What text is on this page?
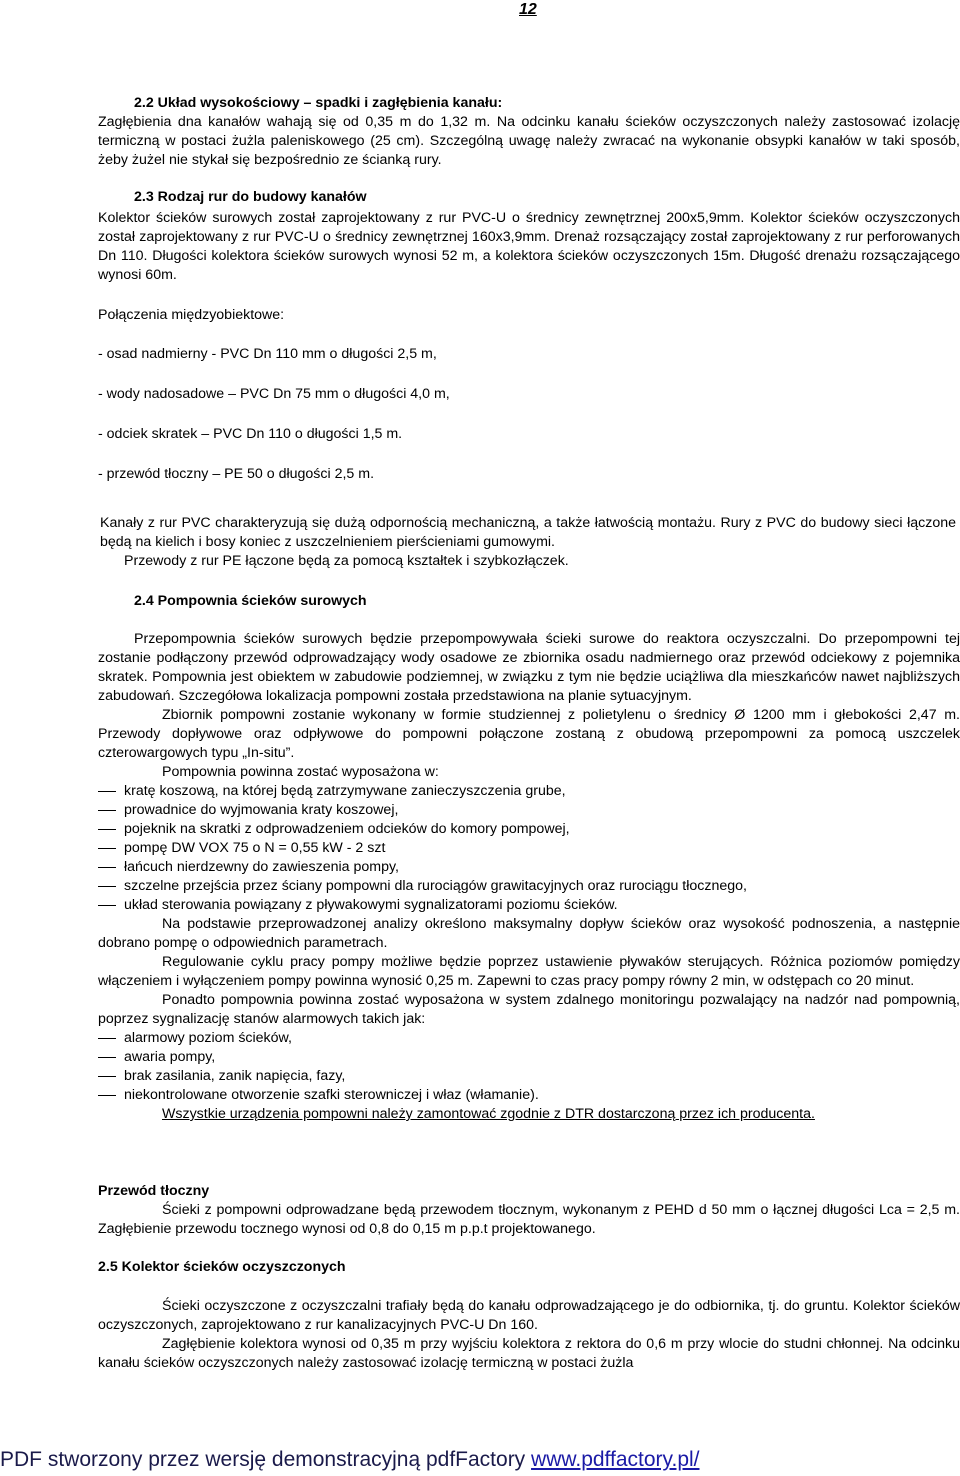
12

2.2 Układ wysokościowy – spadki i zagłębienia kanału:

Zagłębienia dna kanałów wahają się od 0,35 m do 1,32 m. Na odcinku kanału ścieków oczyszczonych należy zastosować izolację termiczną w postaci żużla paleniskowego (25 cm). Szczególną uwagę należy zwracać na wykonanie obsypki kanałów w taki sposób, żeby żużel nie stykał się bezpośrednio ze ścianką rury.

2.3 Rodzaj rur do budowy kanałów

Kolektor ścieków surowych został zaprojektowany z rur PVC-U o średnicy zewnętrznej 200x5,9mm. Kolektor ścieków oczyszczonych został zaprojektowany z rur PVC-U o średnicy zewnętrznej 160x3,9mm. Drenaż rozsączający został zaprojektowany z rur perforowanych Dn 110. Długości kolektora ścieków surowych wynosi 52 m, a kolektora ścieków oczyszczonych 15m. Długość drenażu rozsączającego wynosi 60m.

Połączenia międzyobiektowe:

- osad nadmierny - PVC Dn 110 mm o długości 2,5 m,

- wody nadosadowe – PVC Dn 75 mm o długości 4,0 m,

- odciek skratek – PVC Dn 110 o długości 1,5 m.

- przewód tłoczny – PE 50 o długości 2,5 m.

Kanały z rur PVC charakteryzują się dużą odpornością mechaniczną, a także łatwością montażu. Rury z PVC do budowy sieci łączone będą na kielich i bosy koniec z uszczelnieniem pierścieniami gumowymi.

Przewody z rur PE łączone będą za pomocą kształtek i szybkozłączek.

2.4 Pompownia ścieków surowych

Przepompownia ścieków surowych będzie przepompowywała ścieki surowe do reaktora oczyszczalni. Do przepompowni tej zostanie podłączony przewód odprowadzający wody osadowe ze zbiornika osadu nadmiernego oraz przewód odciekowy z pojemnika skratek. Pompownia jest obiektem w zabudowie podziemnej, w związku z tym nie będzie uciążliwa dla mieszkańców nawet najbliższych zabudowań. Szczegółowa lokalizacja pompowni została przedstawiona na planie sytuacyjnym.

Zbiornik pompowni zostanie wykonany w formie studziennej z polietylenu o średnicy Ø 1200 mm i głebokości 2,47 m. Przewody dopływowe oraz odpływowe do pompowni połączone zostaną z obudową przepompowni za pomocą uszczelek czterowargowych typu „In-situ”.

Pompownia powinna zostać wyposażona w:

kratę koszową, na której będą zatrzymywane zanieczyszczenia grube,
prowadnice do wyjmowania kraty koszowej,
pojeknik na skratki z odprowadzeniem odcieków do komory pompowej,
pompę DW VOX 75 o N = 0,55 kW - 2 szt
łańcuch nierdzewny do zawieszenia pompy,
szczelne przejścia przez ściany pompowni dla rurociągów grawitacyjnych oraz rurociągu tłocznego,
układ sterowania powiązany z pływakowymi sygnalizatorami poziomu ścieków.

Na podstawie przeprowadzonej analizy określono maksymalny dopływ ścieków oraz wysokość podnoszenia, a następnie dobrano pompę o odpowiednich parametrach.

Regulowanie cyklu pracy pompy możliwe będzie poprzez ustawienie pływaków sterujących. Różnica poziomów pomiędzy włączeniem i wyłączeniem pompy powinna wynosić 0,25 m. Zapewni to czas pracy pompy równy 2 min, w odstępach co 20 minut.

Ponadto pompownia powinna zostać wyposażona w system zdalnego monitoringu pozwalający na nadzór nad pompownią, poprzez sygnalizację stanów alarmowych takich jak:

alarmowy poziom ścieków,
awaria pompy,
brak zasilania, zanik napięcia, fazy,
niekontrolowane otworzenie szafki sterowniczej i właz (włamanie).

Wszystkie urządzenia pompowni należy zamontować zgodnie z DTR dostarczoną przez ich producenta.

Przewód tłoczny

Ścieki z pompowni odprowadzane będą przewodem tłocznym, wykonanym z PEHD d 50 mm o łącznej długości Lca = 2,5 m. Zagłębienie przewodu tocznego wynosi od 0,8 do 0,15 m p.p.t projektowanego.

2.5 Kolektor ścieków oczyszczonych

Ścieki oczyszczone z oczyszczalni trafiały będą do kanału odprowadzającego je do odbiornika, tj. do gruntu. Kolektor ścieków oczyszczonych, zaprojektowano z rur kanalizacyjnych PVC-U Dn 160.

Zagłębienie kolektora wynosi od 0,35 m przy wyjściu kolektora z rektora do 0,6 m przy wlocie do studni chłonnej. Na odcinku kanału ścieków oczyszczonych należy zastosować izolację termiczną w postaci żużla

PDF stworzony przez wersję demonstracyjną pdfFactory www.pdffactory.pl/
